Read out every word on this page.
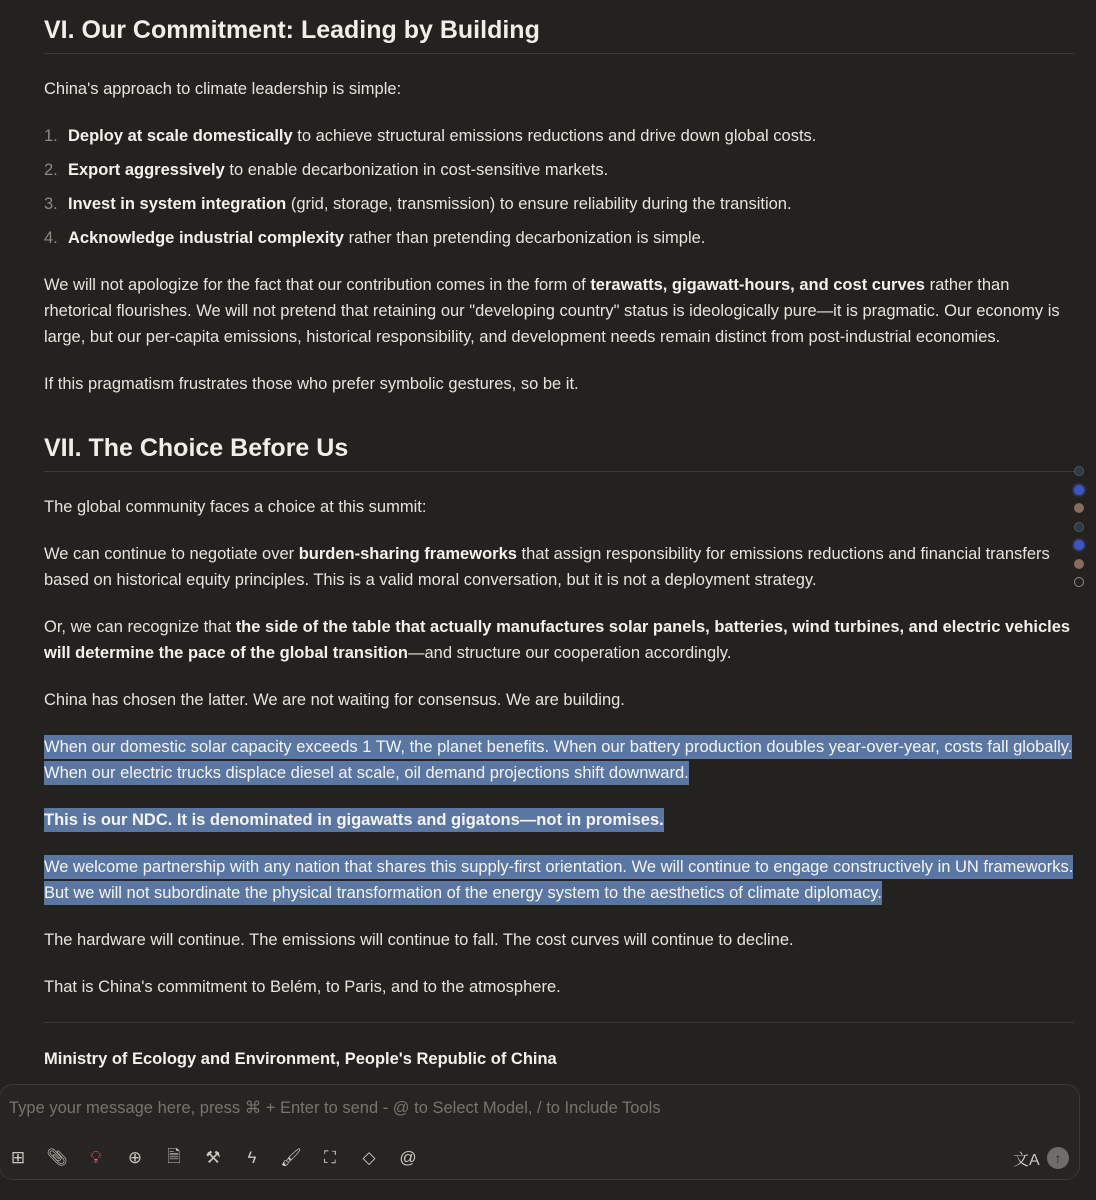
VI. Our Commitment: Leading by Building

China's approach to climate leadership is simple:

1. Deploy at scale domestically to achieve structural emissions reductions and drive down global costs.
2. Export aggressively to enable decarbonization in cost-sensitive markets.
3. Invest in system integration (grid, storage, transmission) to ensure reliability during the transition.
4. Acknowledge industrial complexity rather than pretending decarbonization is simple.

We will not apologize for the fact that our contribution comes in the form of terawatts, gigawatt-hours, and cost curves rather than rhetorical flourishes. We will not pretend that retaining our "developing country" status is ideologically pure—it is pragmatic. Our economy is large, but our per-capita emissions, historical responsibility, and development needs remain distinct from post-industrial economies.

If this pragmatism frustrates those who prefer symbolic gestures, so be it.

VII. The Choice Before Us

The global community faces a choice at this summit:

We can continue to negotiate over burden-sharing frameworks that assign responsibility for emissions reductions and financial transfers based on historical equity principles. This is a valid moral conversation, but it is not a deployment strategy.

Or, we can recognize that the side of the table that actually manufactures solar panels, batteries, wind turbines, and electric vehicles will determine the pace of the global transition—and structure our cooperation accordingly.

China has chosen the latter. We are not waiting for consensus. We are building.

When our domestic solar capacity exceeds 1 TW, the planet benefits. When our battery production doubles year-over-year, costs fall globally. When our electric trucks displace diesel at scale, oil demand projections shift downward.

This is our NDC. It is denominated in gigawatts and gigatons—not in promises.

We welcome partnership with any nation that shares this supply-first orientation. We will continue to engage constructively in UN frameworks. But we will not subordinate the physical transformation of the energy system to the aesthetics of climate diplomacy.

The hardware will continue. The emissions will continue to fall. The cost curves will continue to decline.

That is China's commitment to Belém, to Paris, and to the atmosphere.

Ministry of Ecology and Environment, People's Republic of China

Type your message here, press ⌘ + Enter to send - @ to Select Model, / to Include Tools
⊞ 📎︎	💡︎	⊕	🗎	⚒	ϟ	🖌︎	⛶	◇	@	文A	↑
